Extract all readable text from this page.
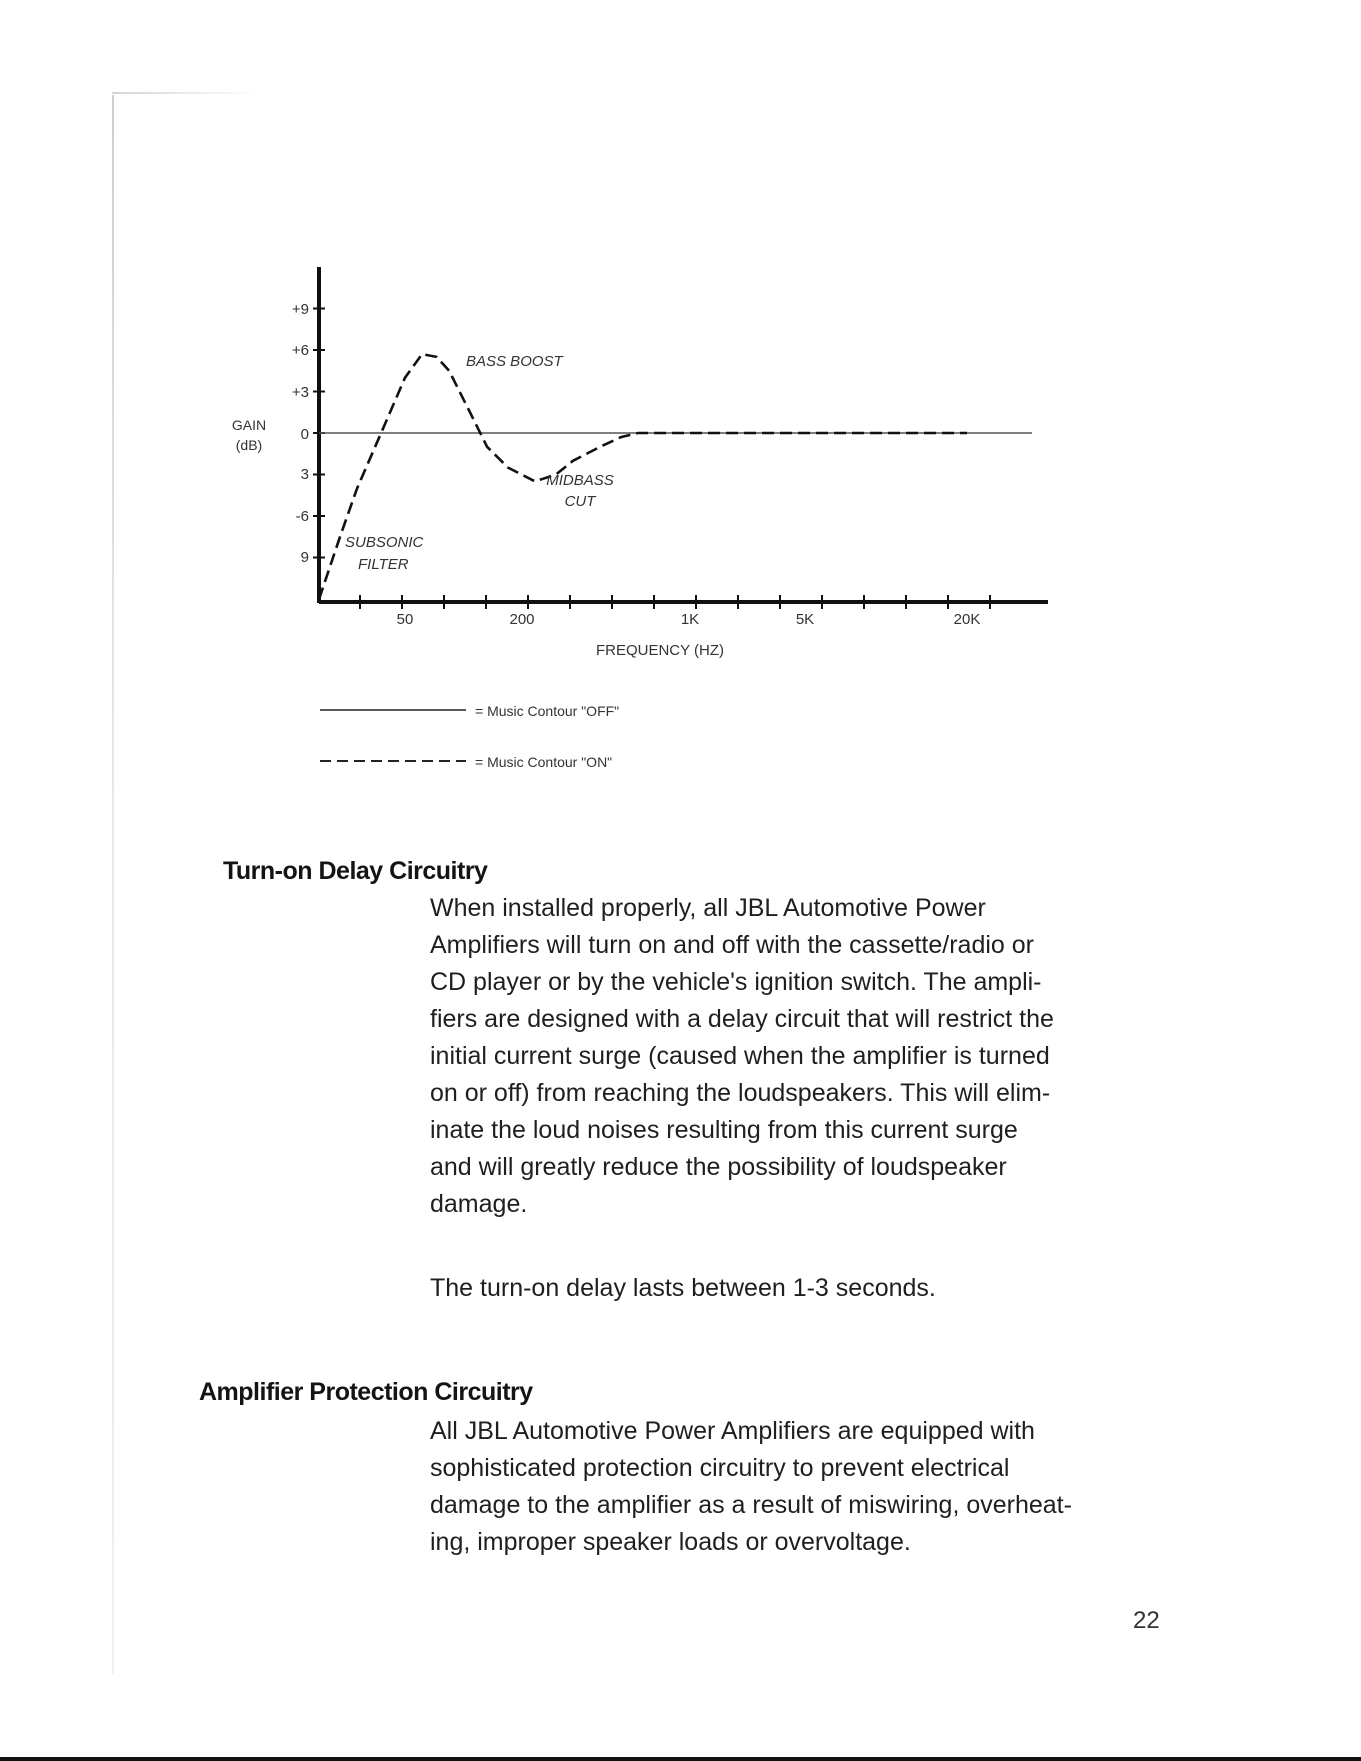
+9
+6
+3
0
3
-6
9
GAIN
(dB)
50	200	1K	5K	20K
FREQUENCY (HZ)
BASS BOOST
MIDBASS
CUT
SUBSONIC
FILTER
= Music Contour "OFF"
= Music Contour "ON"
Turn-on Delay Circuitry
When installed properly, all JBL Automotive Power
Amplifiers will turn on and off with the cassette/radio or
CD player or by the vehicle's ignition switch. The ampli-
fiers are designed with a delay circuit that will restrict the
initial current surge (caused when the amplifier is turned
on or off) from reaching the loudspeakers. This will elim-
inate the loud noises resulting from this current surge
and will greatly reduce the possibility of loudspeaker
damage.
The turn-on delay lasts between 1-3 seconds.
Amplifier Protection Circuitry
All JBL Automotive Power Amplifiers are equipped with
sophisticated protection circuitry to prevent electrical
damage to the amplifier as a result of miswiring, overheat-
ing, improper speaker loads or overvoltage.
22
